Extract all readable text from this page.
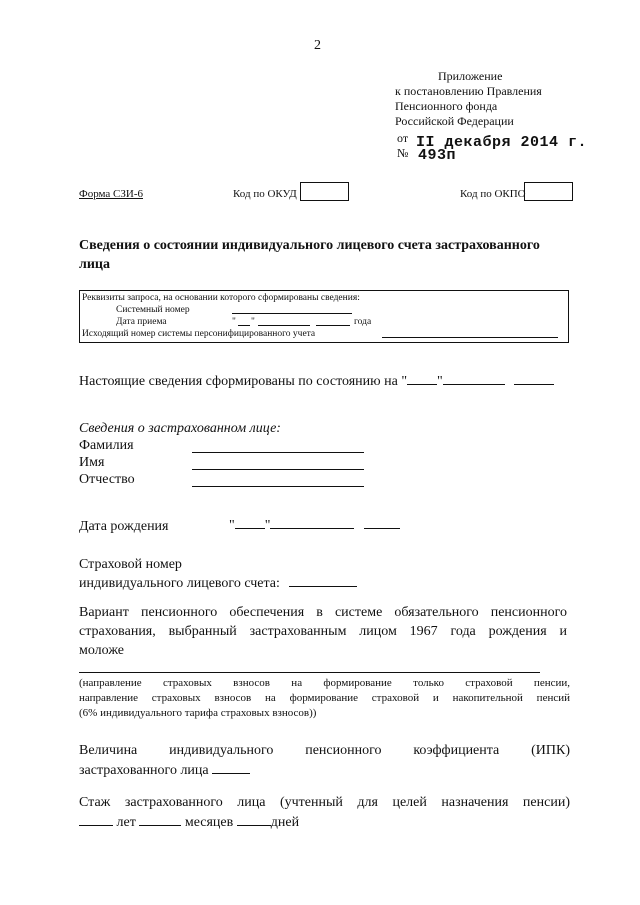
2
Приложение
к постановлению Правления
Пенсионного фонда
Российской Федерации
от II декабря 2014 г.
№ 493п
Форма СЗИ-6	Код по ОКУД	Код по ОКПО
Сведения о состоянии индивидуального лицевого счета застрахованного
лица
Реквизиты запроса, на основании которого сформированы сведения:
Системный номер
Дата приема	" "	года
Исходящий номер системы персонифицированного учета
Настоящие сведения сформированы по состоянию на " "
Сведения о застрахованном лице:
Фамилия
Имя
Отчество
Дата рождения	" "
Страховой номер
индивидуального лицевого счета:
Вариант пенсионного обеспечения в системе обязательного пенсионного
страхования, выбранный застрахованным лицом 1967 года рождения и
моложе
(направление страховых взносов на формирование только страховой пенсии,
направление страховых взносов на формирование страховой и накопительной пенсий
(6% индивидуального тарифа страховых взносов))
Величина индивидуального пенсионного коэффициента (ИПК)
застрахованного лица
Стаж застрахованного лица (учтенный для целей назначения пенсии)
лет	месяцев	дней
